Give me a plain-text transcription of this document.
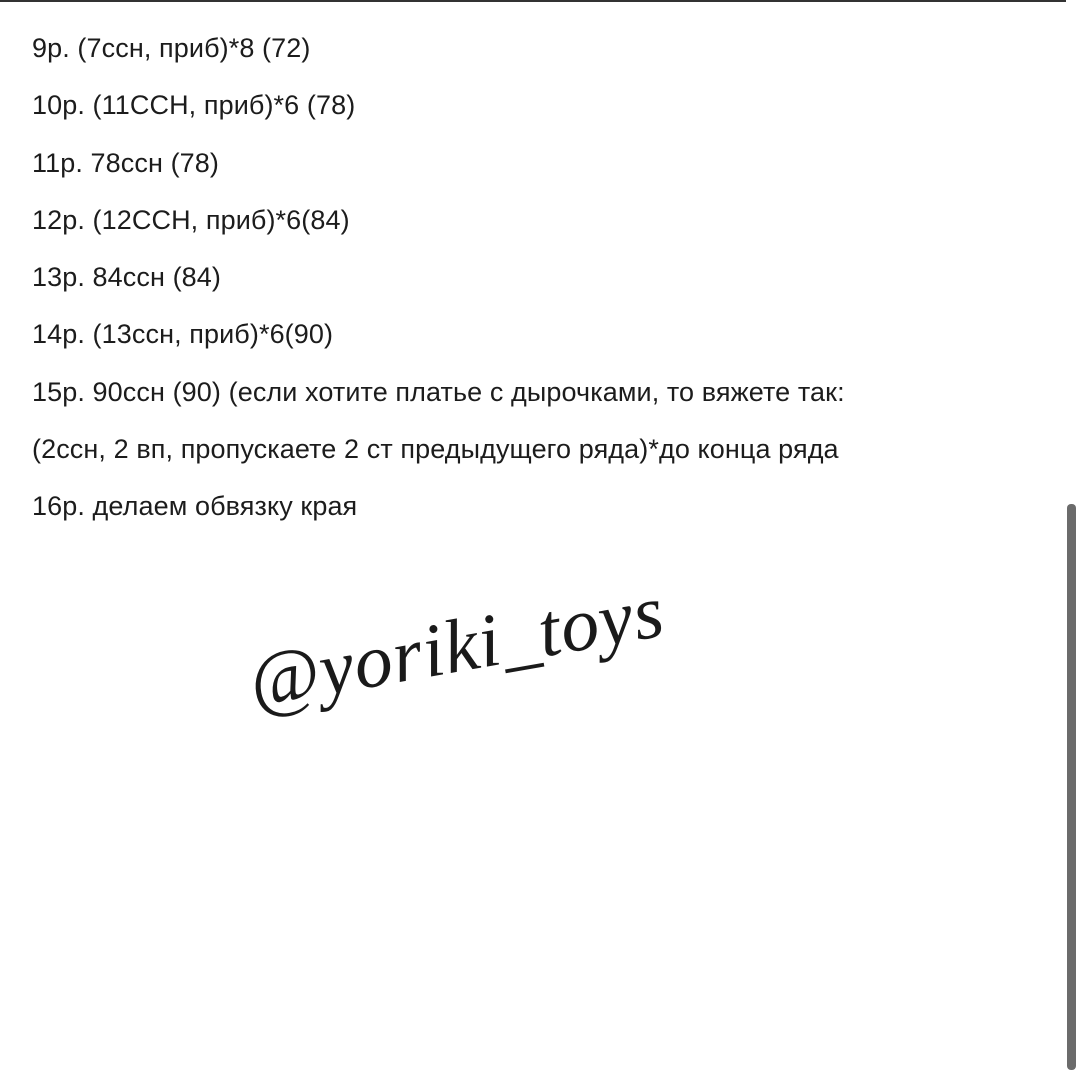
9р. (7ссн, приб)*8 (72)
10р. (11ССН, приб)*6 (78)
11р. 78ссн (78)
12р. (12ССН, приб)*6(84)
13р. 84ссн (84)
14р. (13ссн, приб)*6(90)
15р. 90ссн (90) (если хотите платье с дырочками, то вяжете так:
(2ссн, 2 вп, пропускаете 2 ст предыдущего ряда)*до конца ряда
16р. делаем обвязку края
@yoriki_toys
